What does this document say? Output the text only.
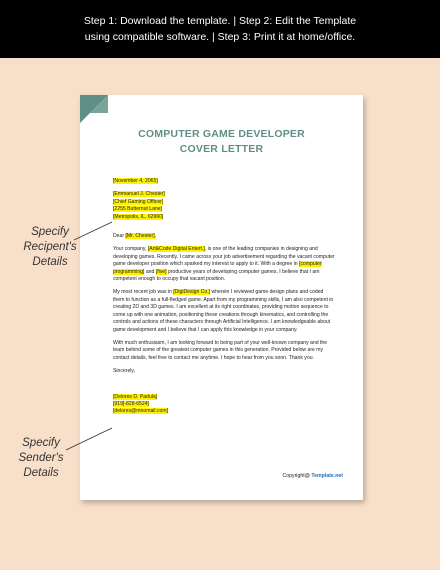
Step 1: Download the template. | Step 2: Edit the Template
using compatible software. | Step 3: Print it at home/office.
COMPUTER GAME DEVELOPER
COVER LETTER

[November 4, 2065]

[Emmanuel J. Chester]

[Chief Gaming Officer]

[2255 Butternut Lane]

[Metropolis, IL, 62960]

Dear [Mr. Chester],

Your company, [Art&Code Digital Entert.], is one of the leading companies in designing and developing games. Recently, I came across your job advertisement regarding the vacant computer game developer position which sparked my interest to apply to it. With a degree in [computer programming] and [five] productive years of developing computer games, I believe that I am competent enough to occupy that vacant position.

My most recent job was in [DigiDesign Co.] wherein I reviewed game design plans and coded them to function as a full-fledged game. Apart from my programming skills, I am also competent in creating 2D and 3D games. I am excellent at its right coordinates, providing motion sequence to come up with one animation, positioning these creations through kinematics, and controlling the controls and actions of these characters through Artificial Intelligence. I am knowledgeable about game development and I believe that I can apply this knowledge in your company.

With much enthusiasm, I am looking forward to being part of your well-known company and the team behind some of the greatest computer games in this generation. Provided below are my contact details, feel free to contact me anytime. I hope to hear from you soon. Thank you.

Sincerely,

[Delores D. Padula]

[919]-828-6524]

[delores@mnomail.com]

Copyright@ Template.net
Specify Recipent's Details
Specify Sender's Details
